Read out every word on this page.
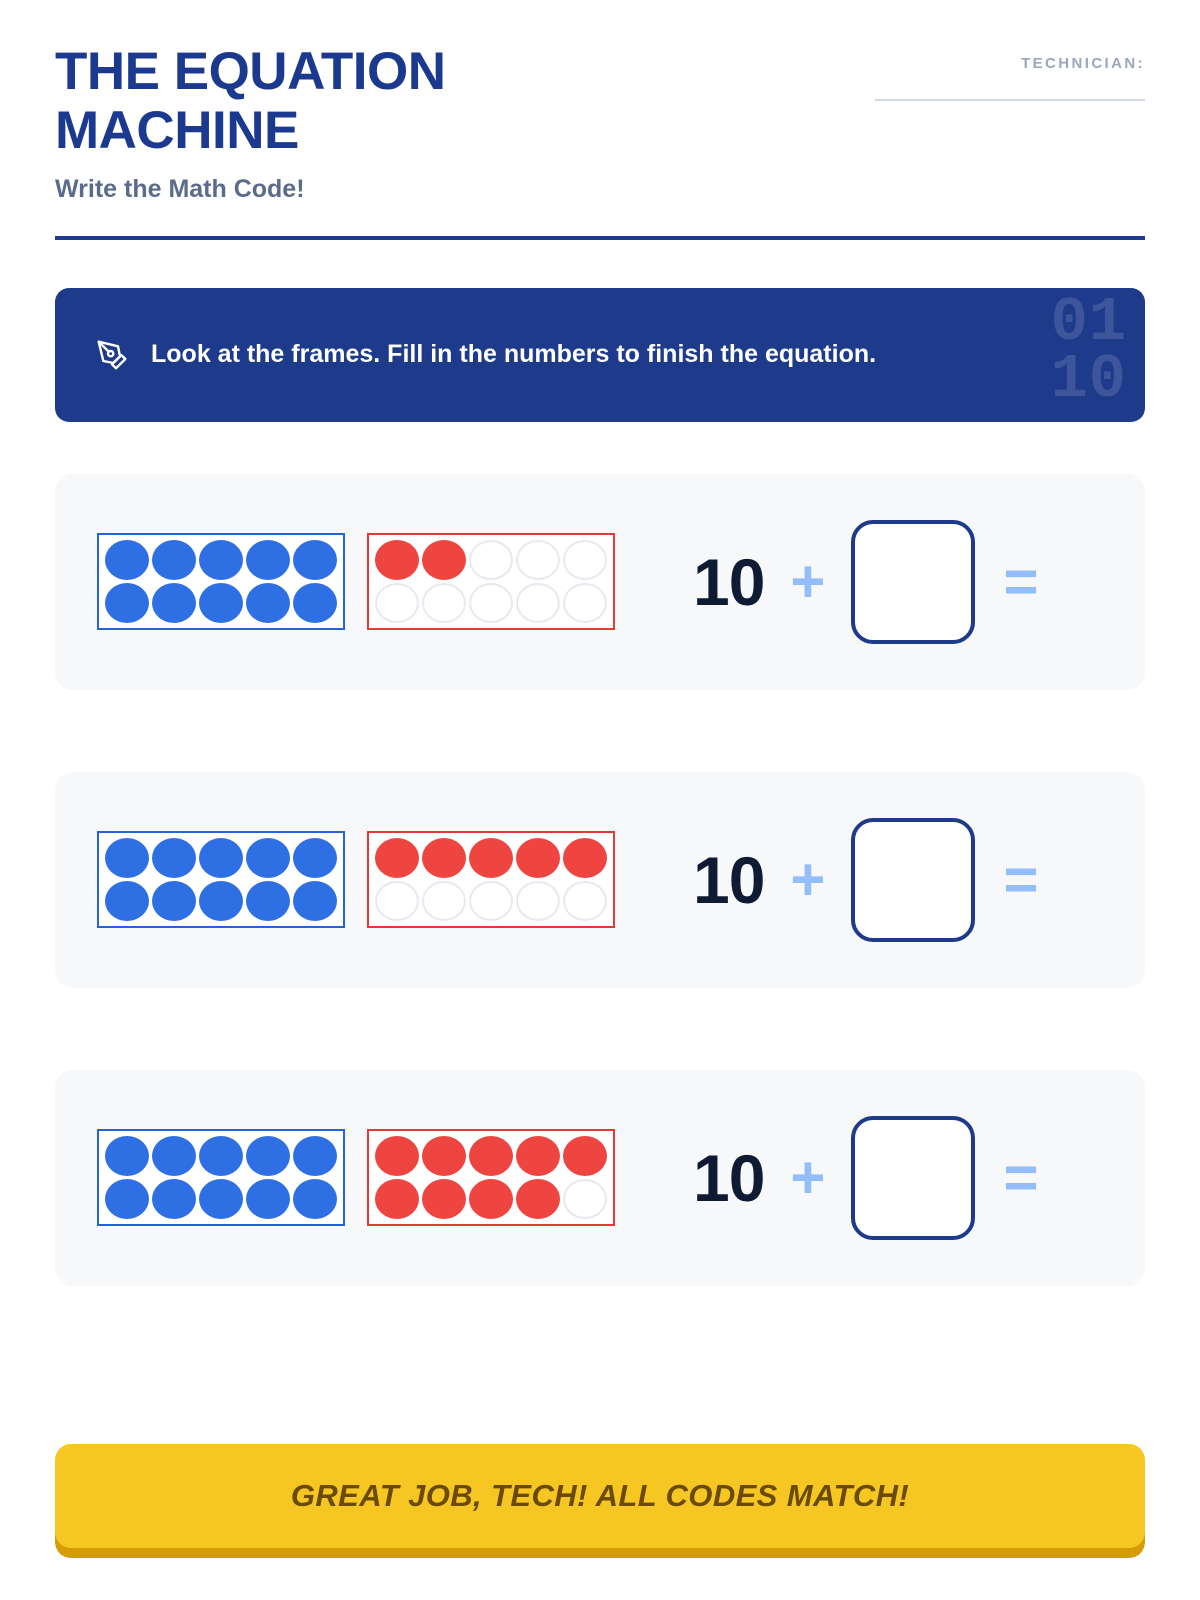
THE EQUATION MACHINE
Write the Math Code!
TECHNICIAN:
Look at the frames. Fill in the numbers to finish the equation.	01
10
10 +	=
10 +	=
10 +	=
GREAT JOB, TECH! ALL CODES MATCH!
